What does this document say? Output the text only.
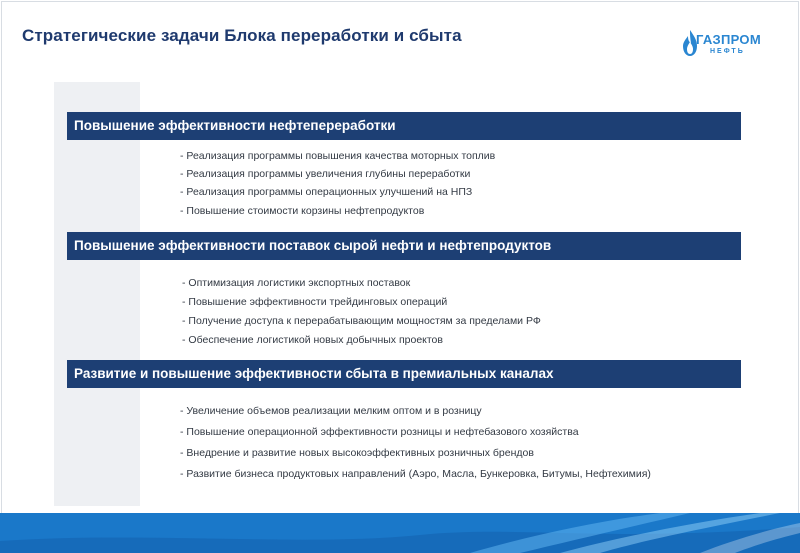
Стратегические задачи Блока переработки и сбыта	ГАЗПРОМ
НЕФТЬ
Повышение эффективности нефтепереработки
- Реализация программы повышения качества моторных топлив
- Реализация программы увеличения глубины переработки
- Реализация программы операционных улучшений на НПЗ
- Повышение стоимости корзины нефтепродуктов
Повышение эффективности поставок сырой нефти и нефтепродуктов
- Оптимизация логистики экспортных поставок
- Повышение эффективности трейдинговых операций
- Получение доступа к перерабатывающим мощностям за пределами РФ
- Обеспечение логистикой новых добычных проектов
Развитие и повышение эффективности сбыта в премиальных каналах
- Увеличение объемов реализации мелким оптом и в розницу
- Повышение операционной эффективности розницы и нефтебазового хозяйства
- Внедрение и развитие новых высокоэффективных розничных брендов
- Развитие бизнеса продуктовых направлений (Аэро, Масла, Бункеровка, Битумы, Нефтехимия)
